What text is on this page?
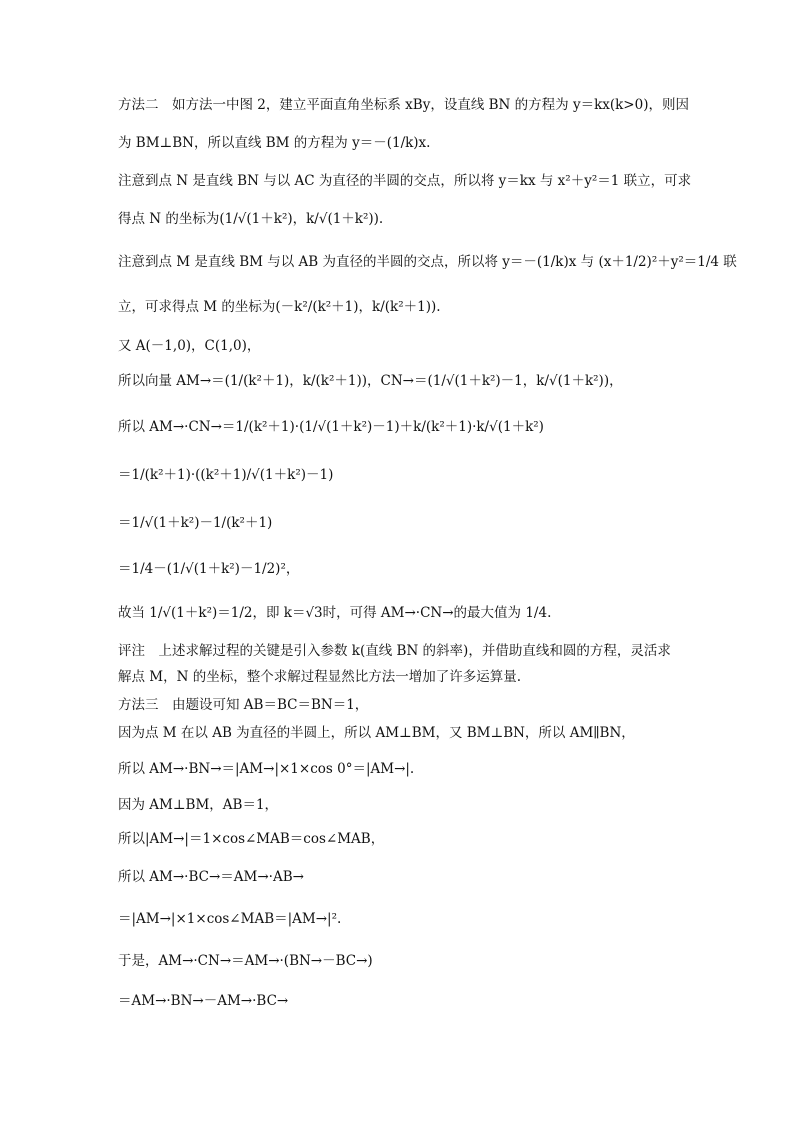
方法二　如方法一中图 2，建立平面直角坐标系 xBy，设直线 BN 的方程为 y＝kx(k>0)，则因
为 BM⊥BN，所以直线 BM 的方程为 y＝－(1/k)x.
注意到点 N 是直线 BN 与以 AC 为直径的半圆的交点，所以将 y＝kx 与 x²＋y²＝1 联立，可求
得点 N 的坐标为(1/√(1＋k²)，k/√(1＋k²)).
注意到点 M 是直线 BM 与以 AB 为直径的半圆的交点，所以将 y＝－(1/k)x 与 (x＋1/2)²＋y²＝1/4 联
立，可求得点 M 的坐标为(－k²/(k²＋1)，k/(k²＋1)).
又 A(－1,0)，C(1,0)，
所以向量 AM→＝(1/(k²＋1)，k/(k²＋1))，CN→＝(1/√(1＋k²)－1，k/√(1＋k²))，
所以 AM→·CN→＝1/(k²＋1)·(1/√(1＋k²)－1)＋k/(k²＋1)·k/√(1＋k²)
＝1/(k²＋1)·((k²＋1)/√(1＋k²)－1)
＝1/√(1＋k²)－1/(k²＋1)
＝1/4－(1/√(1＋k²)－1/2)²，
故当 1/√(1＋k²)＝1/2，即 k＝√3时，可得 AM→·CN→的最大值为 1/4.
评注　上述求解过程的关键是引入参数 k(直线 BN 的斜率)，并借助直线和圆的方程，灵活求
解点 M，N 的坐标，整个求解过程显然比方法一增加了许多运算量.
方法三　由题设可知 AB＝BC＝BN＝1，
因为点 M 在以 AB 为直径的半圆上，所以 AM⊥BM，又 BM⊥BN，所以 AM∥BN，
所以 AM→·BN→＝|AM→|×1×cos 0°＝|AM→|.
因为 AM⊥BM，AB＝1，
所以|AM→|＝1×cos∠MAB＝cos∠MAB，
所以 AM→·BC→＝AM→·AB→
＝|AM→|×1×cos∠MAB＝|AM→|².
于是，AM→·CN→＝AM→·(BN→－BC→)
＝AM→·BN→－AM→·BC→
